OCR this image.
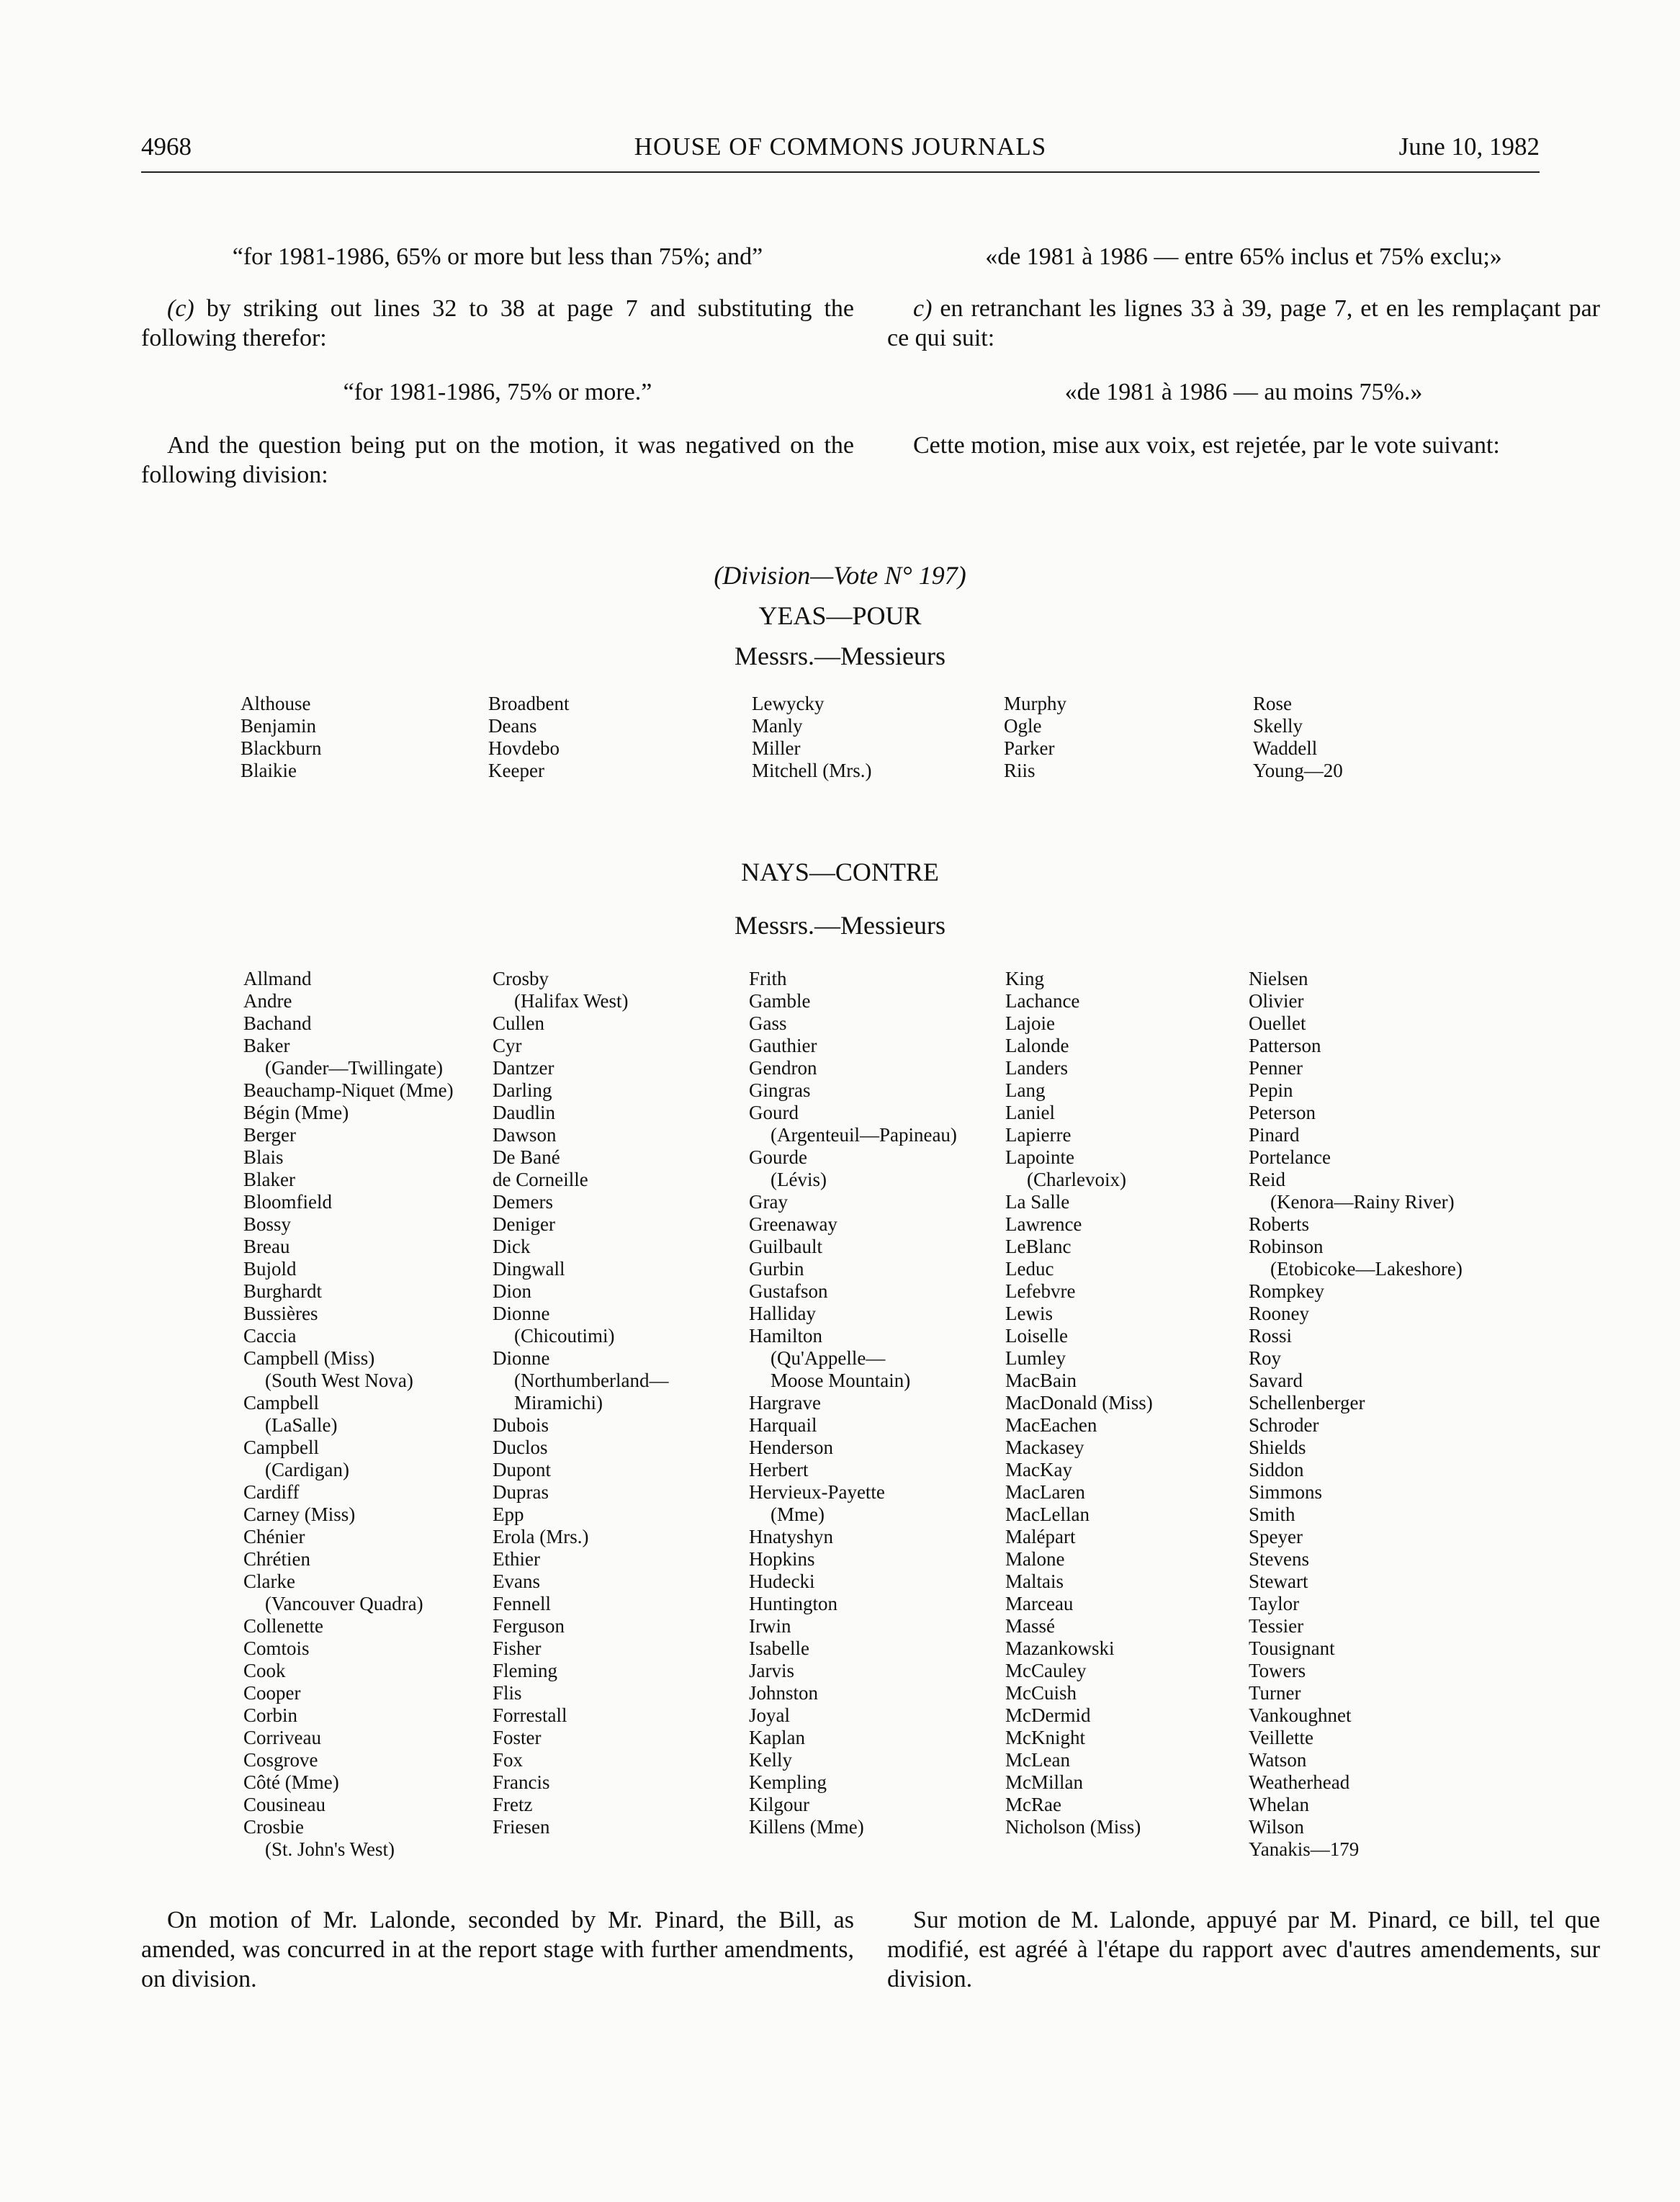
HOUSE OF COMMONS JOURNALS
4968	June 10, 1982
“for 1981-1986, 65% or more but less than 75%; and”
(c) by striking out lines 32 to 38 at page 7 and substituting the following therefor:
“for 1981-1986, 75% or more.”
And the question being put on the motion, it was negatived on the following division:
«de 1981 à 1986 — entre 65% inclus et 75% exclu;»
c) en retranchant les lignes 33 à 39, page 7, et en les remplaçant par ce qui suit:
«de 1981 à 1986 — au moins 75%.»
Cette motion, mise aux voix, est rejetée, par le vote suivant:
(Division—Vote N° 197)
YEAS—POUR
Messrs.—Messieurs
Althouse
Benjamin
Blackburn
Blaikie
Broadbent
Deans
Hovdebo
Keeper
Lewycky
Manly
Miller
Mitchell (Mrs.)
Murphy
Ogle
Parker
Riis
Rose
Skelly
Waddell
Young—20
NAYS—CONTRE
Messrs.—Messieurs
Allmand
Andre
Bachand
Baker
(Gander—Twillingate)
Beauchamp-Niquet (Mme)
Bégin (Mme)
Berger
Blais
Blaker
Bloomfield
Bossy
Breau
Bujold
Burghardt
Bussières
Caccia
Campbell (Miss)
(South West Nova)
Campbell
(LaSalle)
Campbell
(Cardigan)
Cardiff
Carney (Miss)
Chénier
Chrétien
Clarke
(Vancouver Quadra)
Collenette
Comtois
Cook
Cooper
Corbin
Corriveau
Cosgrove
Côté (Mme)
Cousineau
Crosbie
(St. John's West)
Crosby
(Halifax West)
Cullen
Cyr
Dantzer
Darling
Daudlin
Dawson
De Bané
de Corneille
Demers
Deniger
Dick
Dingwall
Dion
Dionne
(Chicoutimi)
Dionne
(Northumberland—
Miramichi)
Dubois
Duclos
Dupont
Dupras
Epp
Erola (Mrs.)
Ethier
Evans
Fennell
Ferguson
Fisher
Fleming
Flis
Forrestall
Foster
Fox
Francis
Fretz
Friesen
Frith
Gamble
Gass
Gauthier
Gendron
Gingras
Gourd
(Argenteuil—Papineau)
Gourde
(Lévis)
Gray
Greenaway
Guilbault
Gurbin
Gustafson
Halliday
Hamilton
(Qu'Appelle—
Moose Mountain)
Hargrave
Harquail
Henderson
Herbert
Hervieux-Payette
(Mme)
Hnatyshyn
Hopkins
Hudecki
Huntington
Irwin
Isabelle
Jarvis
Johnston
Joyal
Kaplan
Kelly
Kempling
Kilgour
Killens (Mme)
King
Lachance
Lajoie
Lalonde
Landers
Lang
Laniel
Lapierre
Lapointe
(Charlevoix)
La Salle
Lawrence
LeBlanc
Leduc
Lefebvre
Lewis
Loiselle
Lumley
MacBain
MacDonald (Miss)
MacEachen
Mackasey
MacKay
MacLaren
MacLellan
Malépart
Malone
Maltais
Marceau
Massé
Mazankowski
McCauley
McCuish
McDermid
McKnight
McLean
McMillan
McRae
Nicholson (Miss)
Nielsen
Olivier
Ouellet
Patterson
Penner
Pepin
Peterson
Pinard
Portelance
Reid
(Kenora—Rainy River)
Roberts
Robinson
(Etobicoke—Lakeshore)
Rompkey
Rooney
Rossi
Roy
Savard
Schellenberger
Schroder
Shields
Siddon
Simmons
Smith
Speyer
Stevens
Stewart
Taylor
Tessier
Tousignant
Towers
Turner
Vankoughnet
Veillette
Watson
Weatherhead
Whelan
Wilson
Yanakis—179
On motion of Mr. Lalonde, seconded by Mr. Pinard, the Bill, as amended, was concurred in at the report stage with further amendments, on division.
Sur motion de M. Lalonde, appuyé par M. Pinard, ce bill, tel que modifié, est agréé à l'étape du rapport avec d'autres amendements, sur division.
